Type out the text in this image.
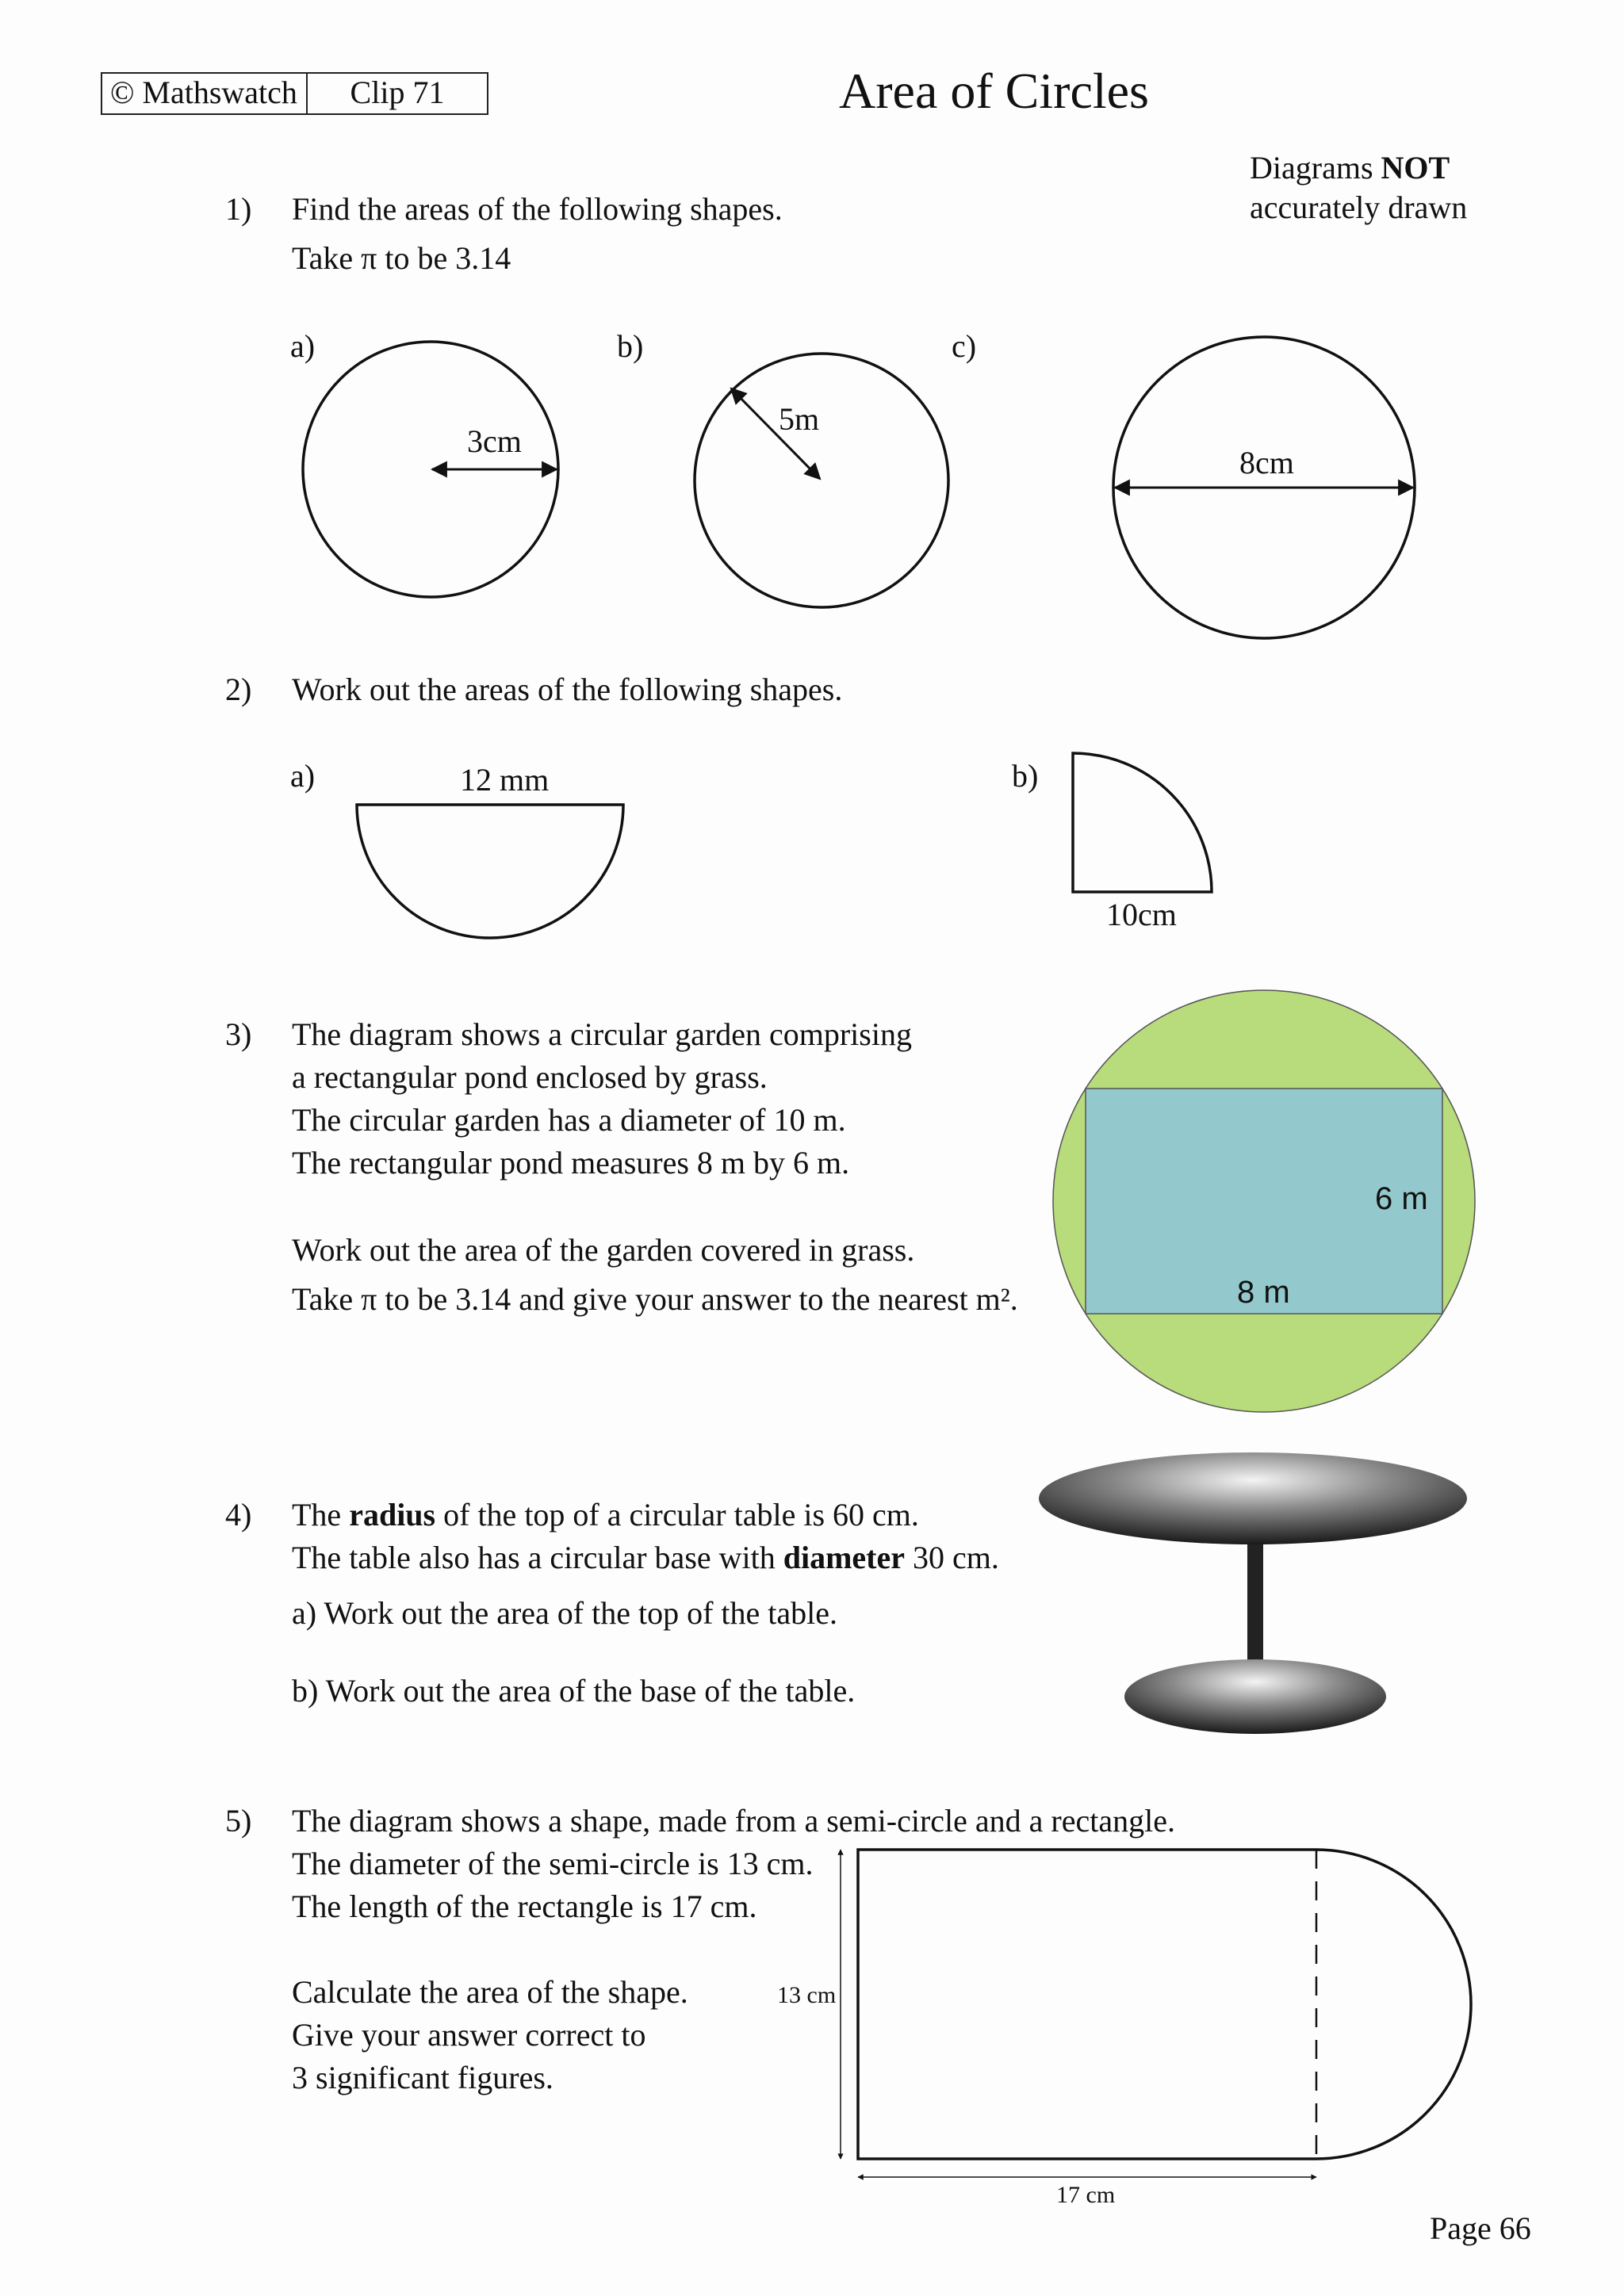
© Mathswatch	Clip 71	Area of Circles
Diagrams NOT
accurately drawn
1) Find the areas of the following shapes.
Take π to be 3.14
a)	b)	c)
3cm
5m
8cm
2) Work out the areas of the following shapes.
a)	12 mm	b)
10cm
3) The diagram shows a circular garden comprising
a rectangular pond enclosed by grass.
The circular garden has a diameter of 10 m.
The rectangular pond measures 8 m by 6 m.
Work out the area of the garden covered in grass.
Take π to be 3.14 and give your answer to the nearest m².
6 m
8 m
4) The radius of the top of a circular table is 60 cm.
The table also has a circular base with diameter 30 cm.
a) Work out the area of the top of the table.
b) Work out the area of the base of the table.
5) The diagram shows a shape, made from a semi-circle and a rectangle.
The diameter of the semi-circle is 13 cm.
The length of the rectangle is 17 cm.
Calculate the area of the shape.
Give your answer correct to
3 significant figures.
13 cm
17 cm
Page 66
